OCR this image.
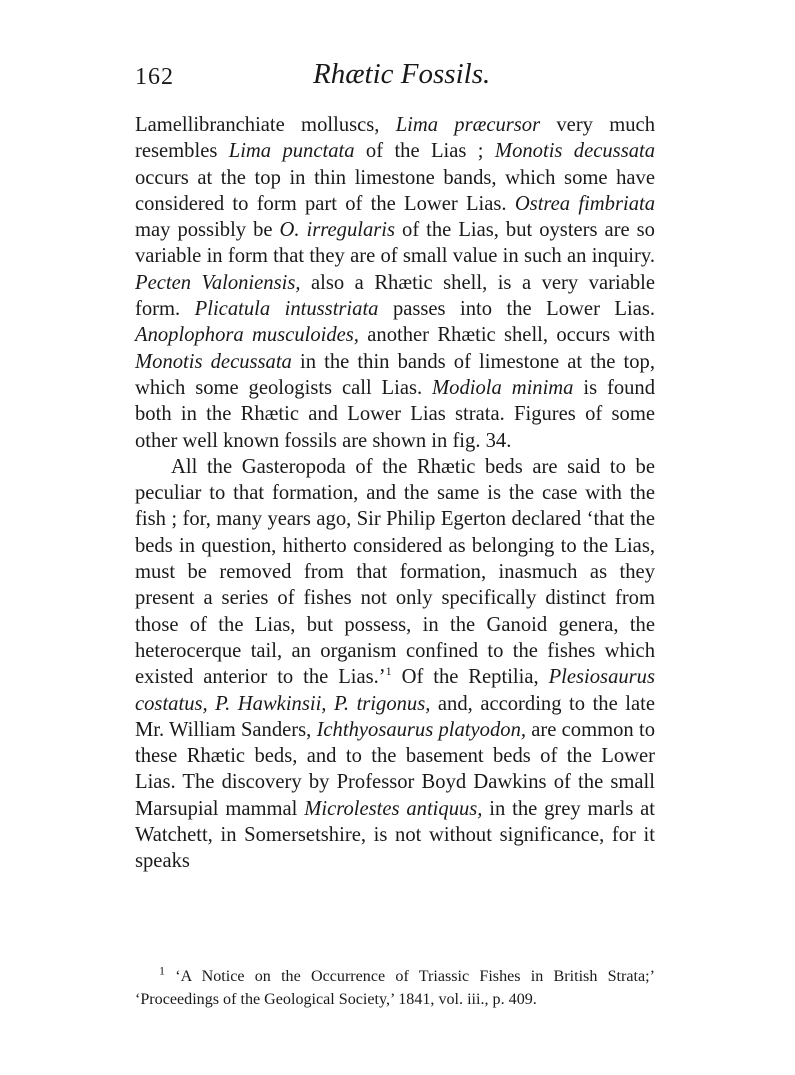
162	Rhætic Fossils.

Lamellibranchiate molluscs, Lima præcursor very much resembles Lima punctata of the Lias ; Monotis decussata occurs at the top in thin limestone bands, which some have considered to form part of the Lower Lias. Ostrea fimbriata may possibly be O. irregularis of the Lias, but oysters are so variable in form that they are of small value in such an inquiry. Pecten Valoniensis, also a Rhætic shell, is a very variable form. Plicatula intusstriata passes into the Lower Lias. Anoplophora musculoides, another Rhætic shell, occurs with Monotis decussata in the thin bands of limestone at the top, which some geologists call Lias. Modiola minima is found both in the Rhætic and Lower Lias strata. Figures of some other well known fossils are shown in fig. 34.

All the Gasteropoda of the Rhætic beds are said to be peculiar to that formation, and the same is the case with the fish ; for, many years ago, Sir Philip Egerton declared ‘that the beds in question, hitherto considered as belonging to the Lias, must be removed from that formation, inasmuch as they present a series of fishes not only specifically distinct from those of the Lias, but possess, in the Ganoid genera, the heterocerque tail, an organism confined to the fishes which existed anterior to the Lias.’$^1$ Of the Reptilia, Plesiosaurus costatus, P. Hawkinsii, P. trigonus, and, according to the late Mr. William Sanders, Ichthyosaurus platyodon, are common to these Rhætic beds, and to the basement beds of the Lower Lias. The discovery by Professor Boyd Dawkins of the small Marsupial mammal Microlestes antiquus, in the grey marls at Watchett, in Somersetshire, is not without significance, for it speaks

$^1$ ‘A Notice on the Occurrence of Triassic Fishes in British Strata;’ ‘Proceedings of the Geological Society,’ 1841, vol. iii., p. 409.
